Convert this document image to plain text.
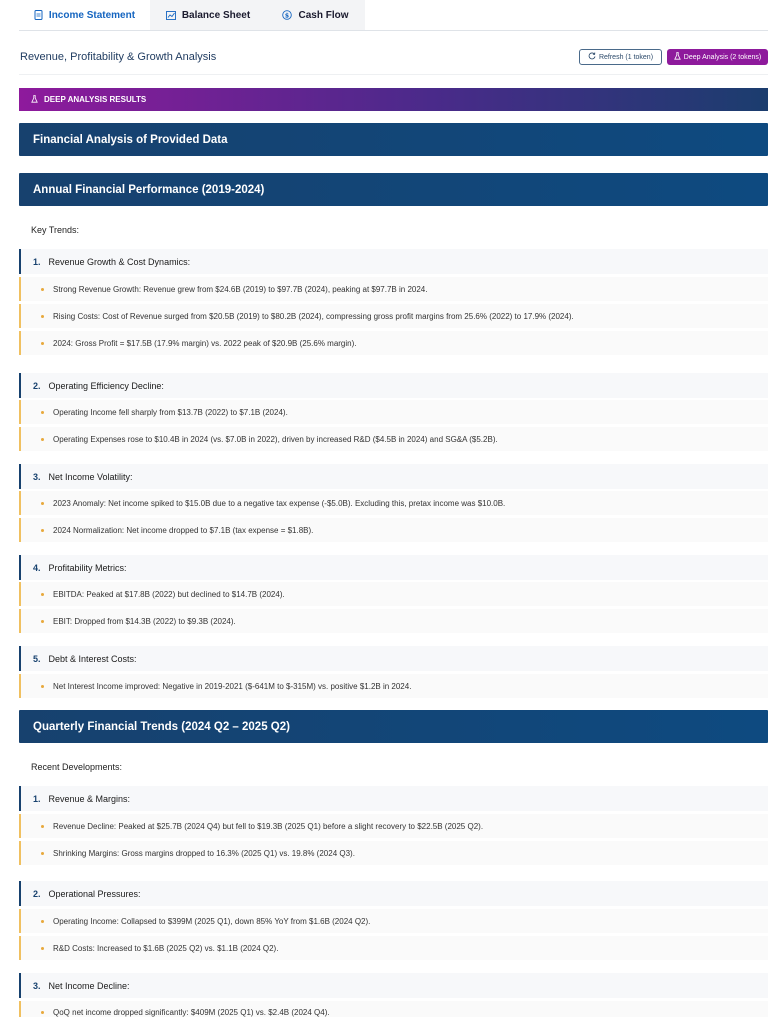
Income Statement	Balance Sheet	$ Cash Flow
Revenue, Profitability & Growth Analysis	Refresh (1 token)	Deep Analysis (2 tokens)
DEEP ANALYSIS RESULTS
Financial Analysis of Provided Data
Annual Financial Performance (2019-2024)
Key Trends:
1. Revenue Growth & Cost Dynamics:
Strong Revenue Growth: Revenue grew from $24.6B (2019) to $97.7B (2024), peaking at $97.7B in 2024.
Rising Costs: Cost of Revenue surged from $20.5B (2019) to $80.2B (2024), compressing gross profit margins from 25.6% (2022) to 17.9% (2024).
2024: Gross Profit = $17.5B (17.9% margin) vs. 2022 peak of $20.9B (25.6% margin).
2. Operating Efficiency Decline:
Operating Income fell sharply from $13.7B (2022) to $7.1B (2024).
Operating Expenses rose to $10.4B in 2024 (vs. $7.0B in 2022), driven by increased R&D ($4.5B in 2024) and SG&A ($5.2B).
3. Net Income Volatility:
2023 Anomaly: Net income spiked to $15.0B due to a negative tax expense (-$5.0B). Excluding this, pretax income was $10.0B.
2024 Normalization: Net income dropped to $7.1B (tax expense = $1.8B).
4. Profitability Metrics:
EBITDA: Peaked at $17.8B (2022) but declined to $14.7B (2024).
EBIT: Dropped from $14.3B (2022) to $9.3B (2024).
5. Debt & Interest Costs:
Net Interest Income improved: Negative in 2019-2021 ($-641M to $-315M) vs. positive $1.2B in 2024.
Quarterly Financial Trends (2024 Q2 – 2025 Q2)
Recent Developments:
1. Revenue & Margins:
Revenue Decline: Peaked at $25.7B (2024 Q4) but fell to $19.3B (2025 Q1) before a slight recovery to $22.5B (2025 Q2).
Shrinking Margins: Gross margins dropped to 16.3% (2025 Q1) vs. 19.8% (2024 Q3).
2. Operational Pressures:
Operating Income: Collapsed to $399M (2025 Q1), down 85% YoY from $1.6B (2024 Q2).
R&D Costs: Increased to $1.6B (2025 Q2) vs. $1.1B (2024 Q2).
3. Net Income Decline:
QoQ net income dropped significantly: $409M (2025 Q1) vs. $2.4B (2024 Q4).
